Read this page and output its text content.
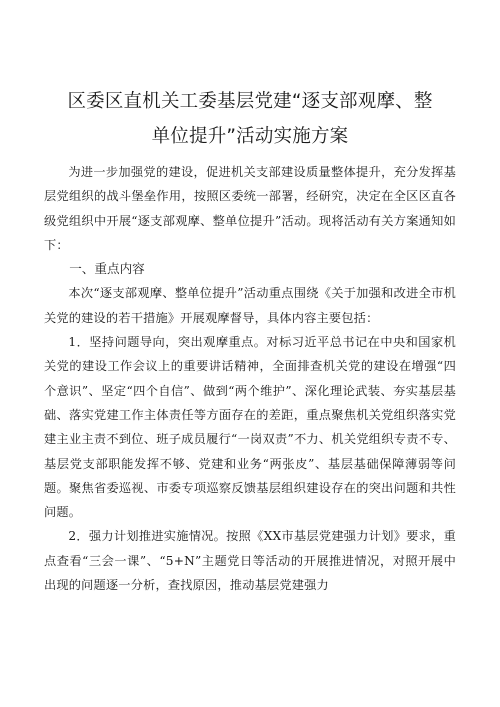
区委区直机关工委基层党建“逐支部观摩、整
单位提升”活动实施方案

为进一步加强党的建设，促进机关支部建设质量整体提升，充分发挥基层党组织的战斗堡垒作用，按照区委统一部署，经研究，决定在全区区直各级党组织中开展“逐支部观摩、整单位提升”活动。现将活动有关方案通知如下：

一、重点内容

本次“逐支部观摩、整单位提升”活动重点围绕《关于加强和改进全市机关党的建设的若干措施》开展观摩督导，具体内容主要包括：

1．坚持问题导向，突出观摩重点。对标习近平总书记在中央和国家机关党的建设工作会议上的重要讲话精神，全面排查机关党的建设在增强“四个意识”、坚定“四个自信”、做到“两个维护”、深化理论武装、夯实基层基础、落实党建工作主体责任等方面存在的差距，重点聚焦机关党组织落实党建主业主责不到位、班子成员履行“一岗双责”不力、机关党组织专责不专、基层党支部职能发挥不够、党建和业务“两张皮”、基层基础保障薄弱等问题。聚焦省委巡视、市委专项巡察反馈基层组织建设存在的突出问题和共性问题。

2．强力计划推进实施情况。按照《XX市基层党建强力计划》要求，重点查看“三会一课”、“5+N”主题党日等活动的开展推进情况，对照开展中出现的问题逐一分析，查找原因，推动基层党建强力
